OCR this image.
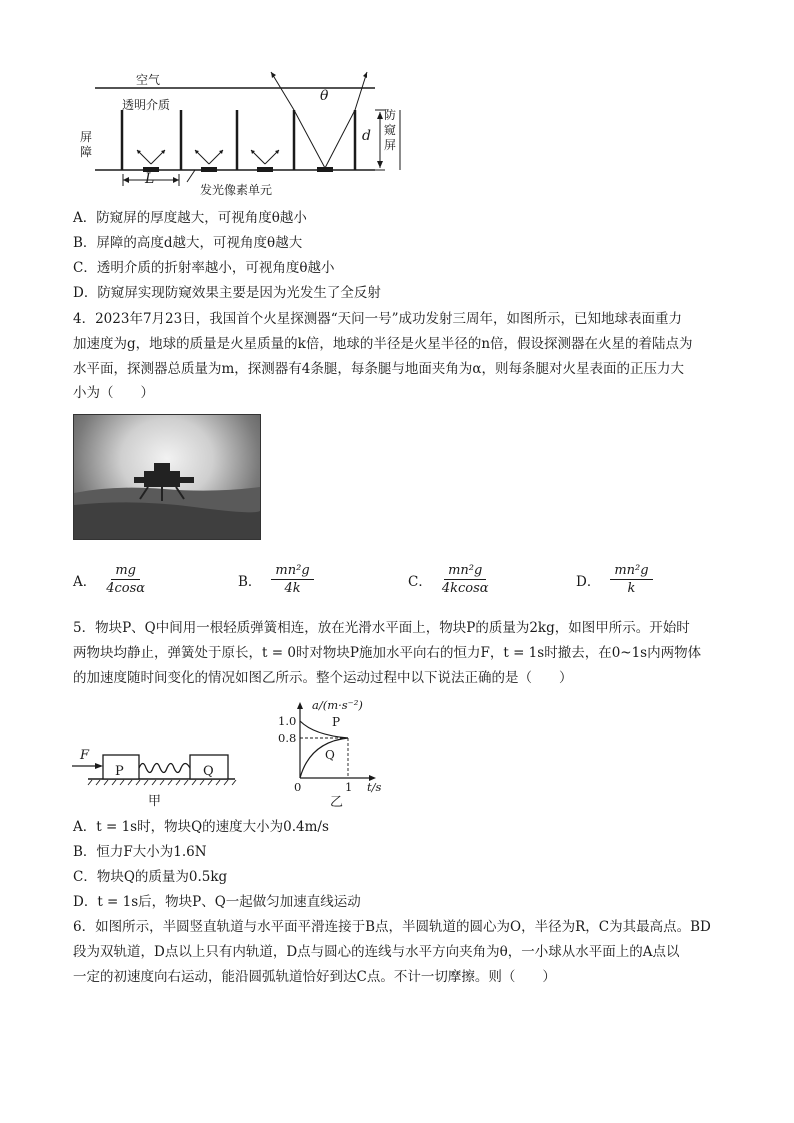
空气
透明介质
屏障
θ
d
防窥屏
L
发光像素单元
A．防窥屏的厚度越大，可视角度θ越小
B．屏障的高度d越大，可视角度θ越大
C．透明介质的折射率越小，可视角度θ越小
D．防窥屏实现防窥效果主要是因为光发生了全反射
4．2023年7月23日，我国首个火星探测器“天问一号”成功发射三周年，如图所示，已知地球表面重力
加速度为g，地球的质量是火星质量的k倍，地球的半径是火星半径的n倍，假设探测器在火星的着陆点为
水平面，探测器总质量为m，探测器有4条腿，每条腿与地面夹角为α，则每条腿对火星表面的正压力大
小为（　　）
A． $\frac{mg}{4\cos\alpha}$	B． $\frac{\text{mn²g}}{4k}$	C． $\frac{\text{mn²g}}{4kcos\alpha}$	D． $\frac{\text{mn²g}}{k}$
5．物块P、Q中间用一根轻质弹簧相连，放在光滑水平面上，物块P的质量为2kg，如图甲所示。开始时
两物块均静止，弹簧处于原长，t = 0时对物块P施加水平向右的恒力F，t = 1s时撤去，在0~1s内两物体
的加速度随时间变化的情况如图乙所示。整个运动过程中以下说法正确的是（　　）
F
P	Q
甲
a/(m·s⁻²)
1.0
0.8
0	1 t/s
P
Q
乙
A．t = 1s时，物块Q的速度大小为0.4m/s
B．恒力F大小为1.6N
C．物块Q的质量为0.5kg
D．t = 1s后，物块P、Q一起做匀加速直线运动
6．如图所示，半圆竖直轨道与水平面平滑连接于B点，半圆轨道的圆心为O，半径为R，C为其最高点。BD
段为双轨道，D点以上只有内轨道，D点与圆心的连线与水平方向夹角为θ，一小球从水平面上的A点以
一定的初速度向右运动，能沿圆弧轨道恰好到达C点。不计一切摩擦。则（　　）
